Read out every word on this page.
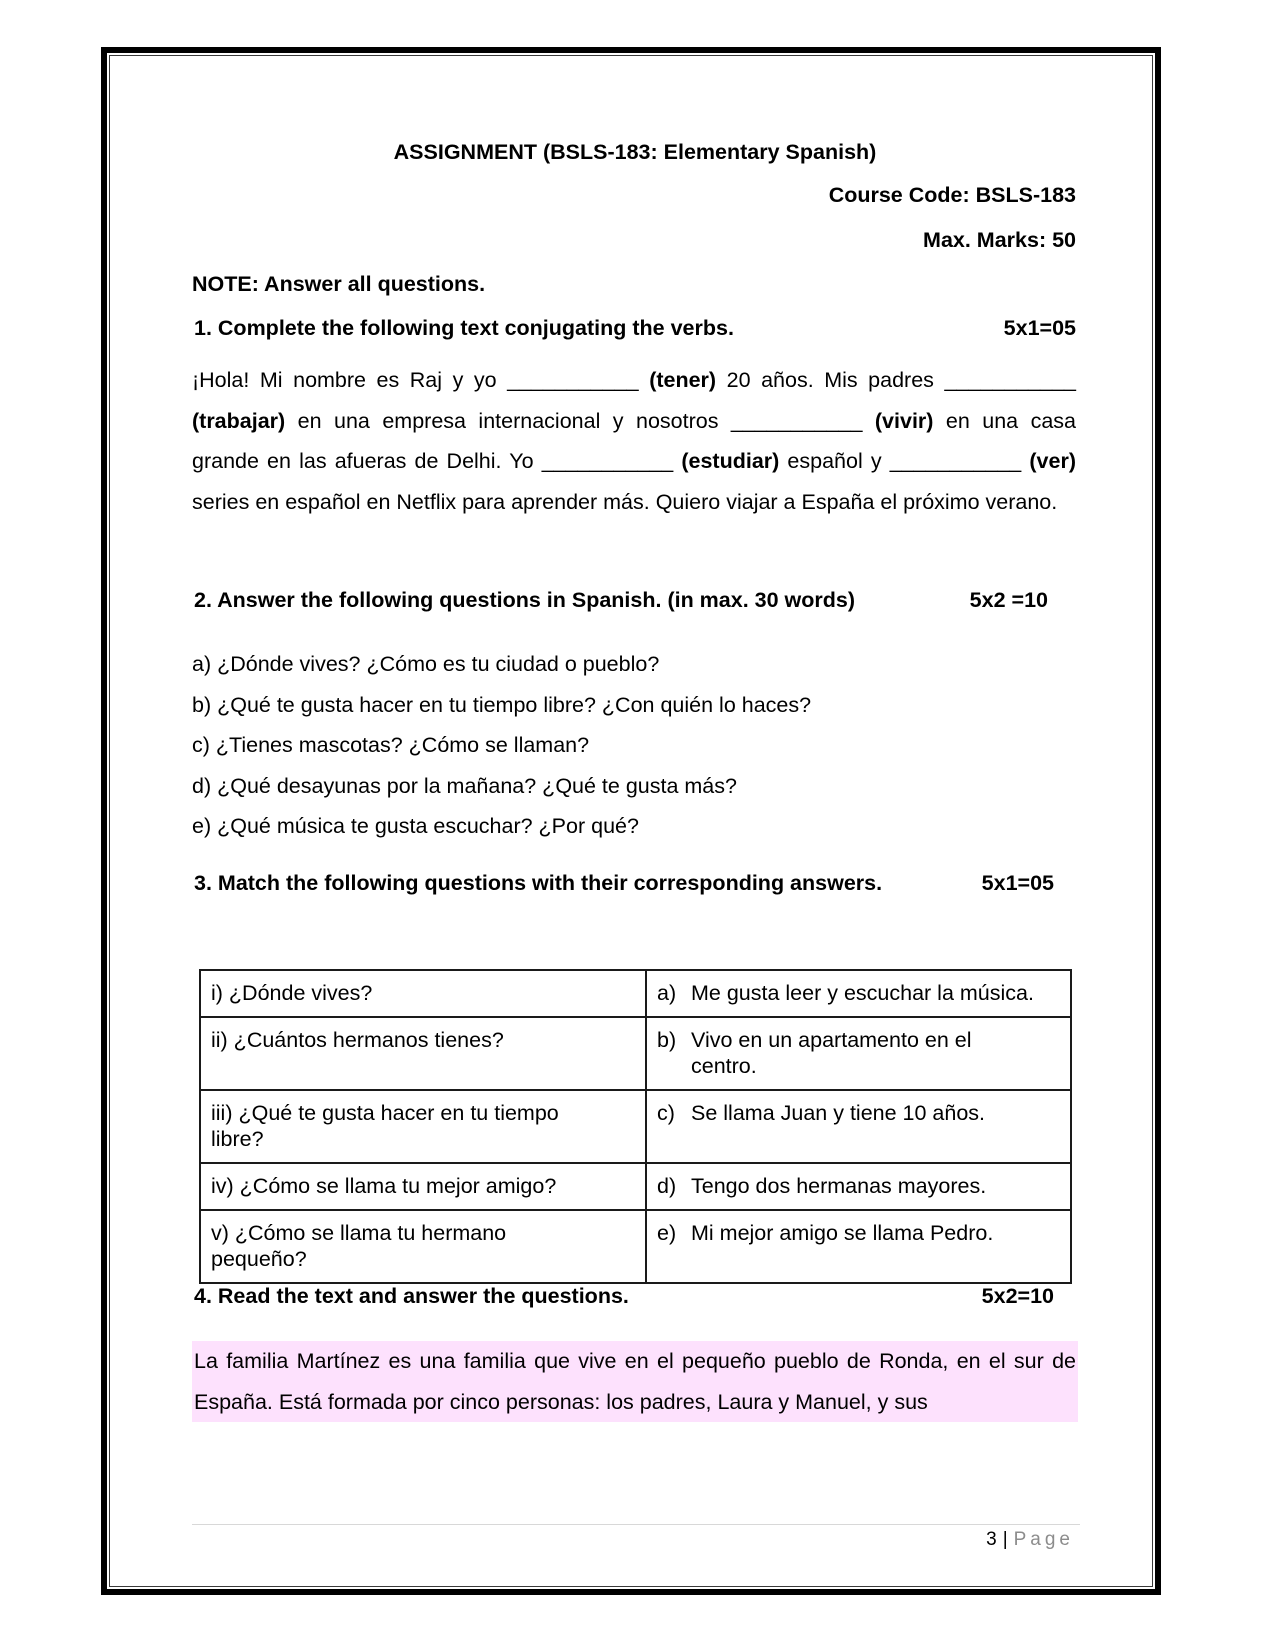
ASSIGNMENT (BSLS-183: Elementary Spanish)
Course Code: BSLS-183
Max. Marks: 50
NOTE: Answer all questions.
1. Complete the following text conjugating the verbs.	5x1=05
¡Hola! Mi nombre es Raj y yo ___________ (tener) 20 años. Mis padres ___________ (trabajar) en una empresa internacional y nosotros ___________ (vivir) en una casa grande en las afueras de Delhi. Yo ___________ (estudiar) español y ___________ (ver) series en español en Netflix para aprender más. Quiero viajar a España el próximo verano.
2. Answer the following questions in Spanish. (in max. 30 words)	5x2 =10
a) ¿Dónde vives? ¿Cómo es tu ciudad o pueblo?
b) ¿Qué te gusta hacer en tu tiempo libre? ¿Con quién lo haces?
c) ¿Tienes mascotas? ¿Cómo se llaman?
d) ¿Qué desayunas por la mañana? ¿Qué te gusta más?
e) ¿Qué música te gusta escuchar? ¿Por qué?
3. Match the following questions with their corresponding answers.	5x1=05
i) ¿Dónde vives?	a) Me gusta leer y escuchar la música.

ii) ¿Cuántos hermanos tienes?	b) Vivo en un apartamento en el centro.

iii) ¿Qué te gusta hacer en tu tiempo libre?	c) Se llama Juan y tiene 10 años.

iv) ¿Cómo se llama tu mejor amigo?	d) Tengo dos hermanas mayores.

v) ¿Cómo se llama tu hermano pequeño?	e) Mi mejor amigo se llama Pedro.
4. Read the text and answer the questions.	5x2=10
La familia Martínez es una familia que vive en el pequeño pueblo de Ronda, en el sur de España. Está formada por cinco personas: los padres, Laura y Manuel, y sus
3 | Page
